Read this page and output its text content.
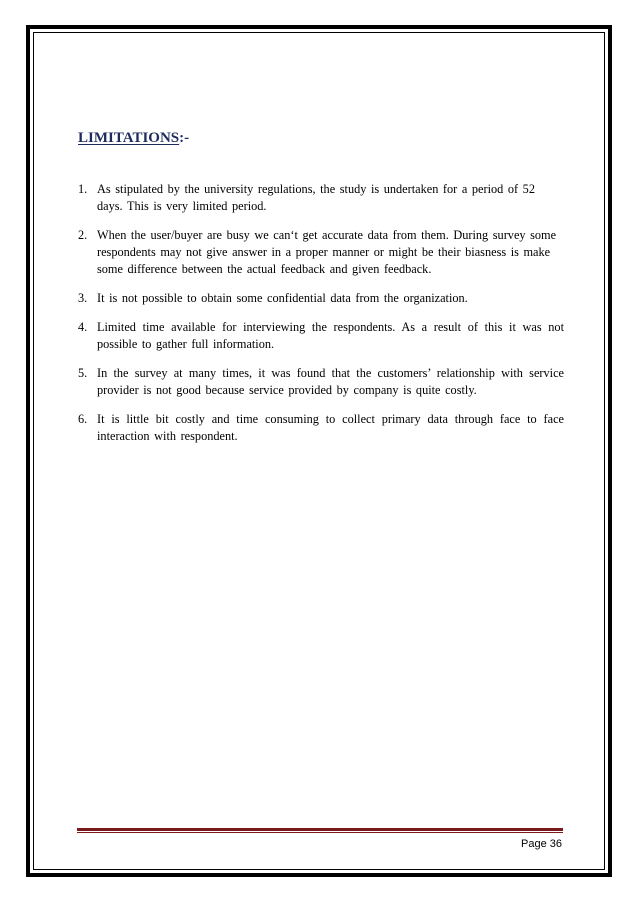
LIMITATIONS:-
1. As stipulated by the university regulations, the study is undertaken for a period of 52 days. This is very limited period.
2. When the user/buyer are busy we can‘t get accurate data from them. During survey some respondents may not give answer in a proper manner or might be their biasness is make some difference between the actual feedback and given feedback.
3. It is not possible to obtain some confidential data from the organization.
4. Limited time available for interviewing the respondents. As a result of this it was not possible to gather full information.
5. In the survey at many times, it was found that the customers’ relationship with service provider is not good because service provided by company is quite costly.
6. It is little bit costly and time consuming to collect primary data through face to face interaction with respondent.
Page 36
